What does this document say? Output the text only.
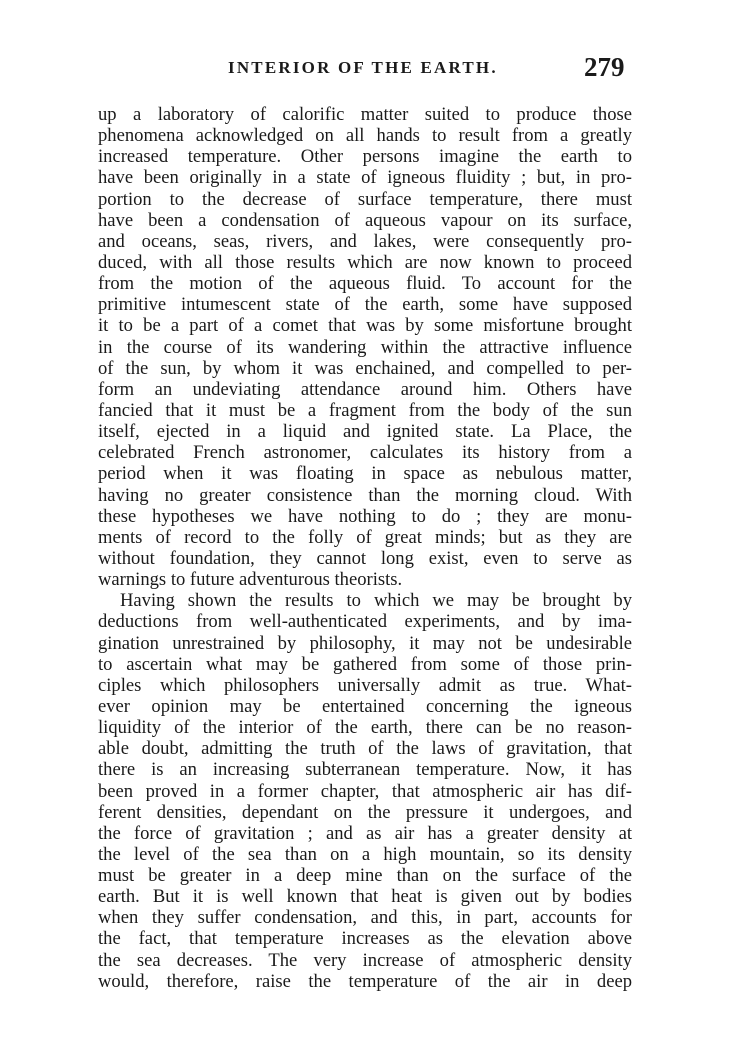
INTERIOR OF THE EARTH.	279
up a laboratory of calorific matter suited to produce those
phenomena acknowledged on all hands to result from a greatly
increased temperature. Other persons imagine the earth to
have been originally in a state of igneous fluidity ; but, in pro-
portion to the decrease of surface temperature, there must
have been a condensation of aqueous vapour on its surface,
and oceans, seas, rivers, and lakes, were consequently pro-
duced, with all those results which are now known to proceed
from the motion of the aqueous fluid. To account for the
primitive intumescent state of the earth, some have supposed
it to be a part of a comet that was by some misfortune brought
in the course of its wandering within the attractive influence
of the sun, by whom it was enchained, and compelled to per-
form an undeviating attendance around him. Others have
fancied that it must be a fragment from the body of the sun
itself, ejected in a liquid and ignited state. La Place, the
celebrated French astronomer, calculates its history from a
period when it was floating in space as nebulous matter,
having no greater consistence than the morning cloud. With
these hypotheses we have nothing to do ; they are monu-
ments of record to the folly of great minds; but as they are
without foundation, they cannot long exist, even to serve as
warnings to future adventurous theorists.
Having shown the results to which we may be brought by
deductions from well-authenticated experiments, and by ima-
gination unrestrained by philosophy, it may not be undesirable
to ascertain what may be gathered from some of those prin-
ciples which philosophers universally admit as true. What-
ever opinion may be entertained concerning the igneous
liquidity of the interior of the earth, there can be no reason-
able doubt, admitting the truth of the laws of gravitation, that
there is an increasing subterranean temperature. Now, it has
been proved in a former chapter, that atmospheric air has dif-
ferent densities, dependant on the pressure it undergoes, and
the force of gravitation ; and as air has a greater density at
the level of the sea than on a high mountain, so its density
must be greater in a deep mine than on the surface of the
earth. But it is well known that heat is given out by bodies
when they suffer condensation, and this, in part, accounts for
the fact, that temperature increases as the elevation above
the sea decreases. The very increase of atmospheric density
would, therefore, raise the temperature of the air in deep
